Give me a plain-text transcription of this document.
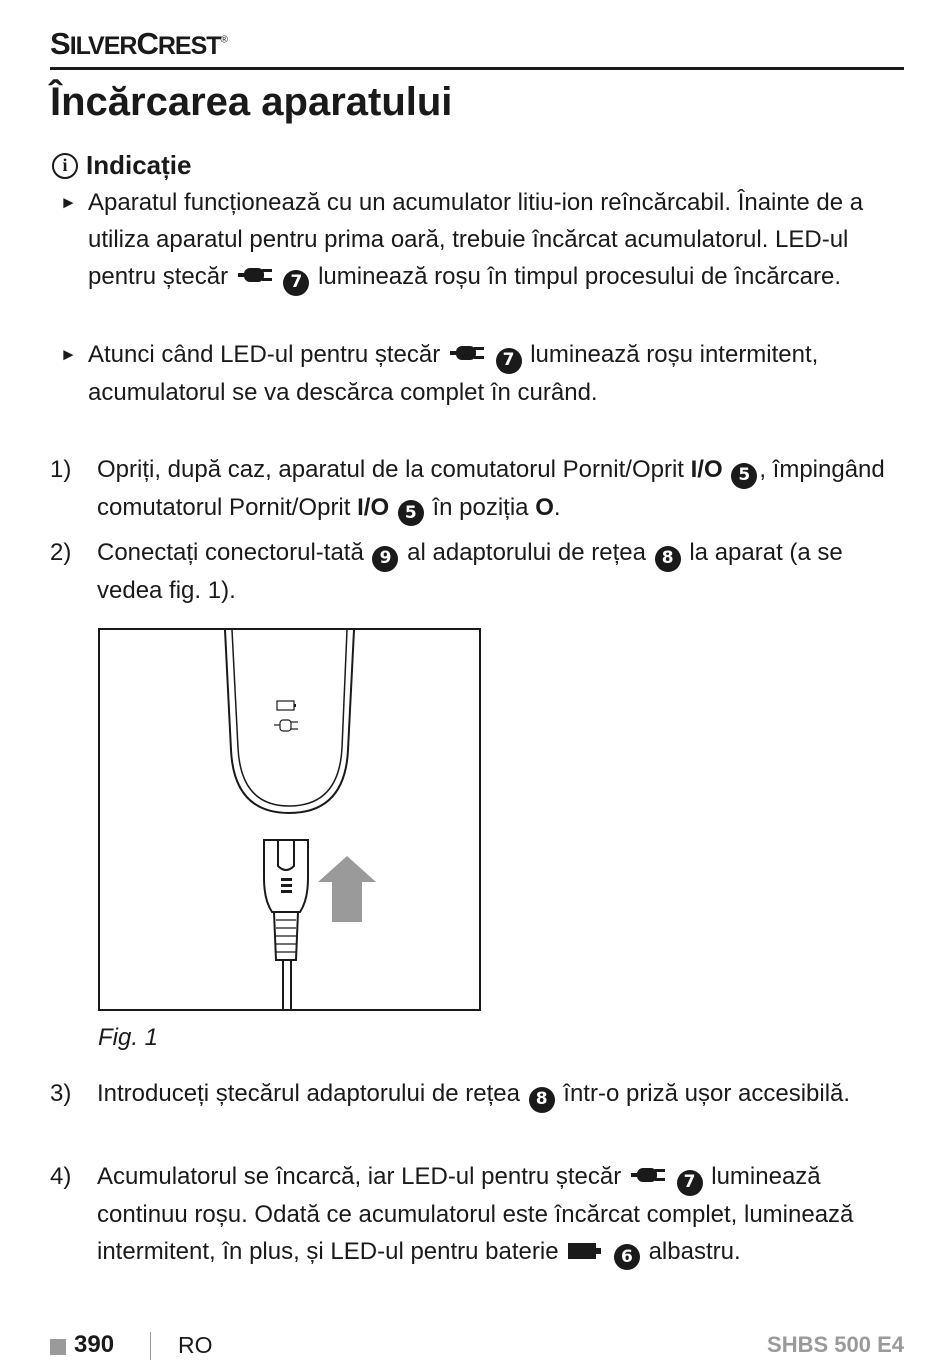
SILVERCREST®
Încărcarea aparatului
i Indicație
► Aparatul funcționează cu un acumulator litiu-ion reîncărcabil. Înainte de a utiliza aparatul pentru prima oară, trebuie încărcat acumulatorul. LED-ul pentru ștecăr	7 luminează roșu în timpul procesului de încărcare.
► Atunci când LED-ul pentru ștecăr	7 luminează roșu intermitent, acumulatorul se va descărca complet în curând.
1) Opriți, după caz, aparatul de la comutatorul Pornit/Oprit I/O 5 , împingând comutatorul Pornit/Oprit I/O 5 în poziția O.
2) Conectați conectorul-tată 9 al adaptorului de rețea 8 la aparat (a se vedea fig. 1).
Fig. 1
3) Introduceți ștecărul adaptorului de rețea 8 într-o priză ușor accesibilă.
4) Acumulatorul se încarcă, iar LED-ul pentru ștecăr	7 luminează continuu roșu. Odată ce acumulatorul este încărcat complet, luminează intermitent, în plus, și LED-ul pentru baterie	6 albastru.
390	RO	SHBS 500 E4
